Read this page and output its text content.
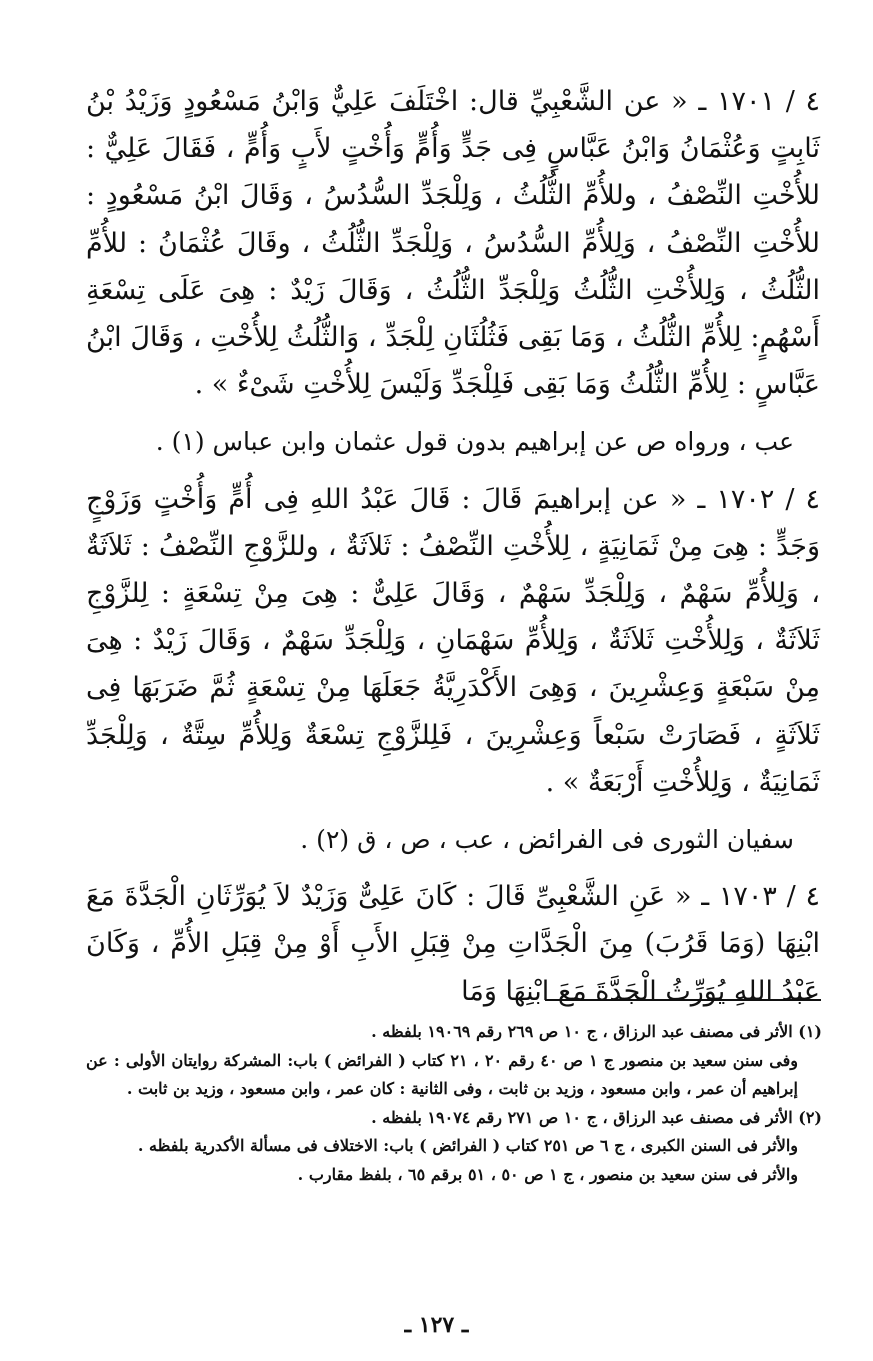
٤ / ١٧٠١ ـ « عن الشَّعْبِيِّ قال: اخْتَلَفَ عَلِيٌّ وَابْنُ مَسْعُودٍ وَزَيْدُ بْنُ ثَابِتٍ وَعُثْمَانُ وَابْنُ عَبَّاسٍ فِى جَدٍّ وَأُمٍّ وَأُخْتٍ لأَبٍ وَأُمٍّ ، فَقَالَ عَلِيٌّ : للأُخْتِ النِّصْفُ ، وللأُمِّ الثُّلُثُ ، وَلِلْجَدِّ السُّدُسُ ، وَقَالَ ابْنُ مَسْعُودٍ : للأُخْتِ النِّصْفُ ، وَلِلأُمِّ السُّدُسُ ، وَلِلْجَدِّ الثُّلُثُ ، وقَالَ عُثْمَانُ : للأُمِّ الثُّلُثُ ، وَلِلأُخْتِ الثُّلُثُ وَلِلْجَدِّ الثُّلُثُ ، وَقَالَ زَيْدٌ : هِىَ عَلَى تِسْعَةِ أَسْهُمٍ: لِلأُمِّ الثُّلُثُ ، وَمَا بَقِى فَثُلُثَانِ لِلْجَدِّ ، وَالثُّلُثُ لِلأُخْتِ ، وَقَالَ ابْنُ عَبَّاسٍ : لِلأُمِّ الثُّلُثُ وَمَا بَقِى فَلِلْجَدِّ وَلَيْسَ لِلأُخْتِ شَىْءٌ » .

عب ، ورواه ص عن إبراهيم بدون قول عثمان وابن عباس (١) .

٤ / ١٧٠٢ ـ « عن إبراهيمَ قَالَ : قَالَ عَبْدُ اللهِ فِى أُمٍّ وَأُخْتٍ وَزَوْجٍ وَجَدٍّ : هِىَ مِنْ ثَمَانِيَةٍ ، لِلأُخْتِ النِّصْفُ : ثَلاَثَةٌ ، وللزَّوْجِ النِّصْفُ : ثَلاَثَةٌ ، وَلِلأُمِّ سَهْمٌ ، وَلِلْجَدِّ سَهْمٌ ، وَقَالَ عَلِىٌّ : هِىَ مِنْ تِسْعَةٍ : لِلزَّوْجِ ثَلاَثَةٌ ، وَلِلأُخْتِ ثَلاَثَةٌ ، وَلِلأُمِّ سَهْمَانِ ، وَلِلْجَدِّ سَهْمٌ ، وَقَالَ زَيْدٌ : هِىَ مِنْ سَبْعَةٍ وَعِشْرِينَ ، وَهِىَ الأَكْدَرِيَّةُ جَعَلَهَا مِنْ تِسْعَةٍ ثُمَّ ضَرَبَهَا فِى ثَلاَثَةٍ ، فَصَارَتْ سَبْعاً وَعِشْرِينَ ، فَلِلزَّوْجِ تِسْعَةٌ وَلِلأُمِّ سِتَّةٌ ، وَلِلْجَدِّ ثَمَانِيَةٌ ، وَلِلأُخْتِ أَرْبَعَةٌ » .

سفيان الثورى فى الفرائض ، عب ، ص ، ق (٢) .

٤ / ١٧٠٣ ـ « عَنِ الشَّعْبِىِّ قَالَ : كَانَ عَلِىٌّ وَزَيْدٌ لاَ يُوَرِّثَانِ الْجَدَّةَ مَعَ ابْنِهَا (وَمَا قَرُبَ) مِنَ الْجَدَّاتِ مِنْ قِبَلِ الأَبِ أَوْ مِنْ قِبَلِ الأُمِّ ، وَكَانَ عَبْدُ اللهِ يُوَرِّثُ الْجَدَّةَ مَعَ ابْنِهَا وَمَا

(١) الأثر فى مصنف عبد الرزاق ، ج ١٠ ص ٢٦٩ رقم ١٩٠٦٩ بلفظه .

وفى سنن سعيد بن منصور ج ١ ص ٤٠ رقم ٢٠ ، ٢١ كتاب ( الفرائض ) باب: المشركة روايتان الأولى : عن إبراهيم أن عمر ، وابن مسعود ، وزيد بن ثابت ، وفى الثانية : كان عمر ، وابن مسعود ، وزيد بن ثابت .

(٢) الأثر فى مصنف عبد الرزاق ، ج ١٠ ص ٢٧١ رقم ١٩٠٧٤ بلفظه .

والأثر فى السنن الكبرى ، ج ٦ ص ٢٥١ كتاب ( الفرائض ) باب: الاختلاف فى مسألة الأكدرية بلفظه .

والأثر فى سنن سعيد بن منصور ، ج ١ ص ٥٠ ، ٥١ برقم ٦٥ ، بلفظ مقارب .

ـ ١٢٧ ـ
